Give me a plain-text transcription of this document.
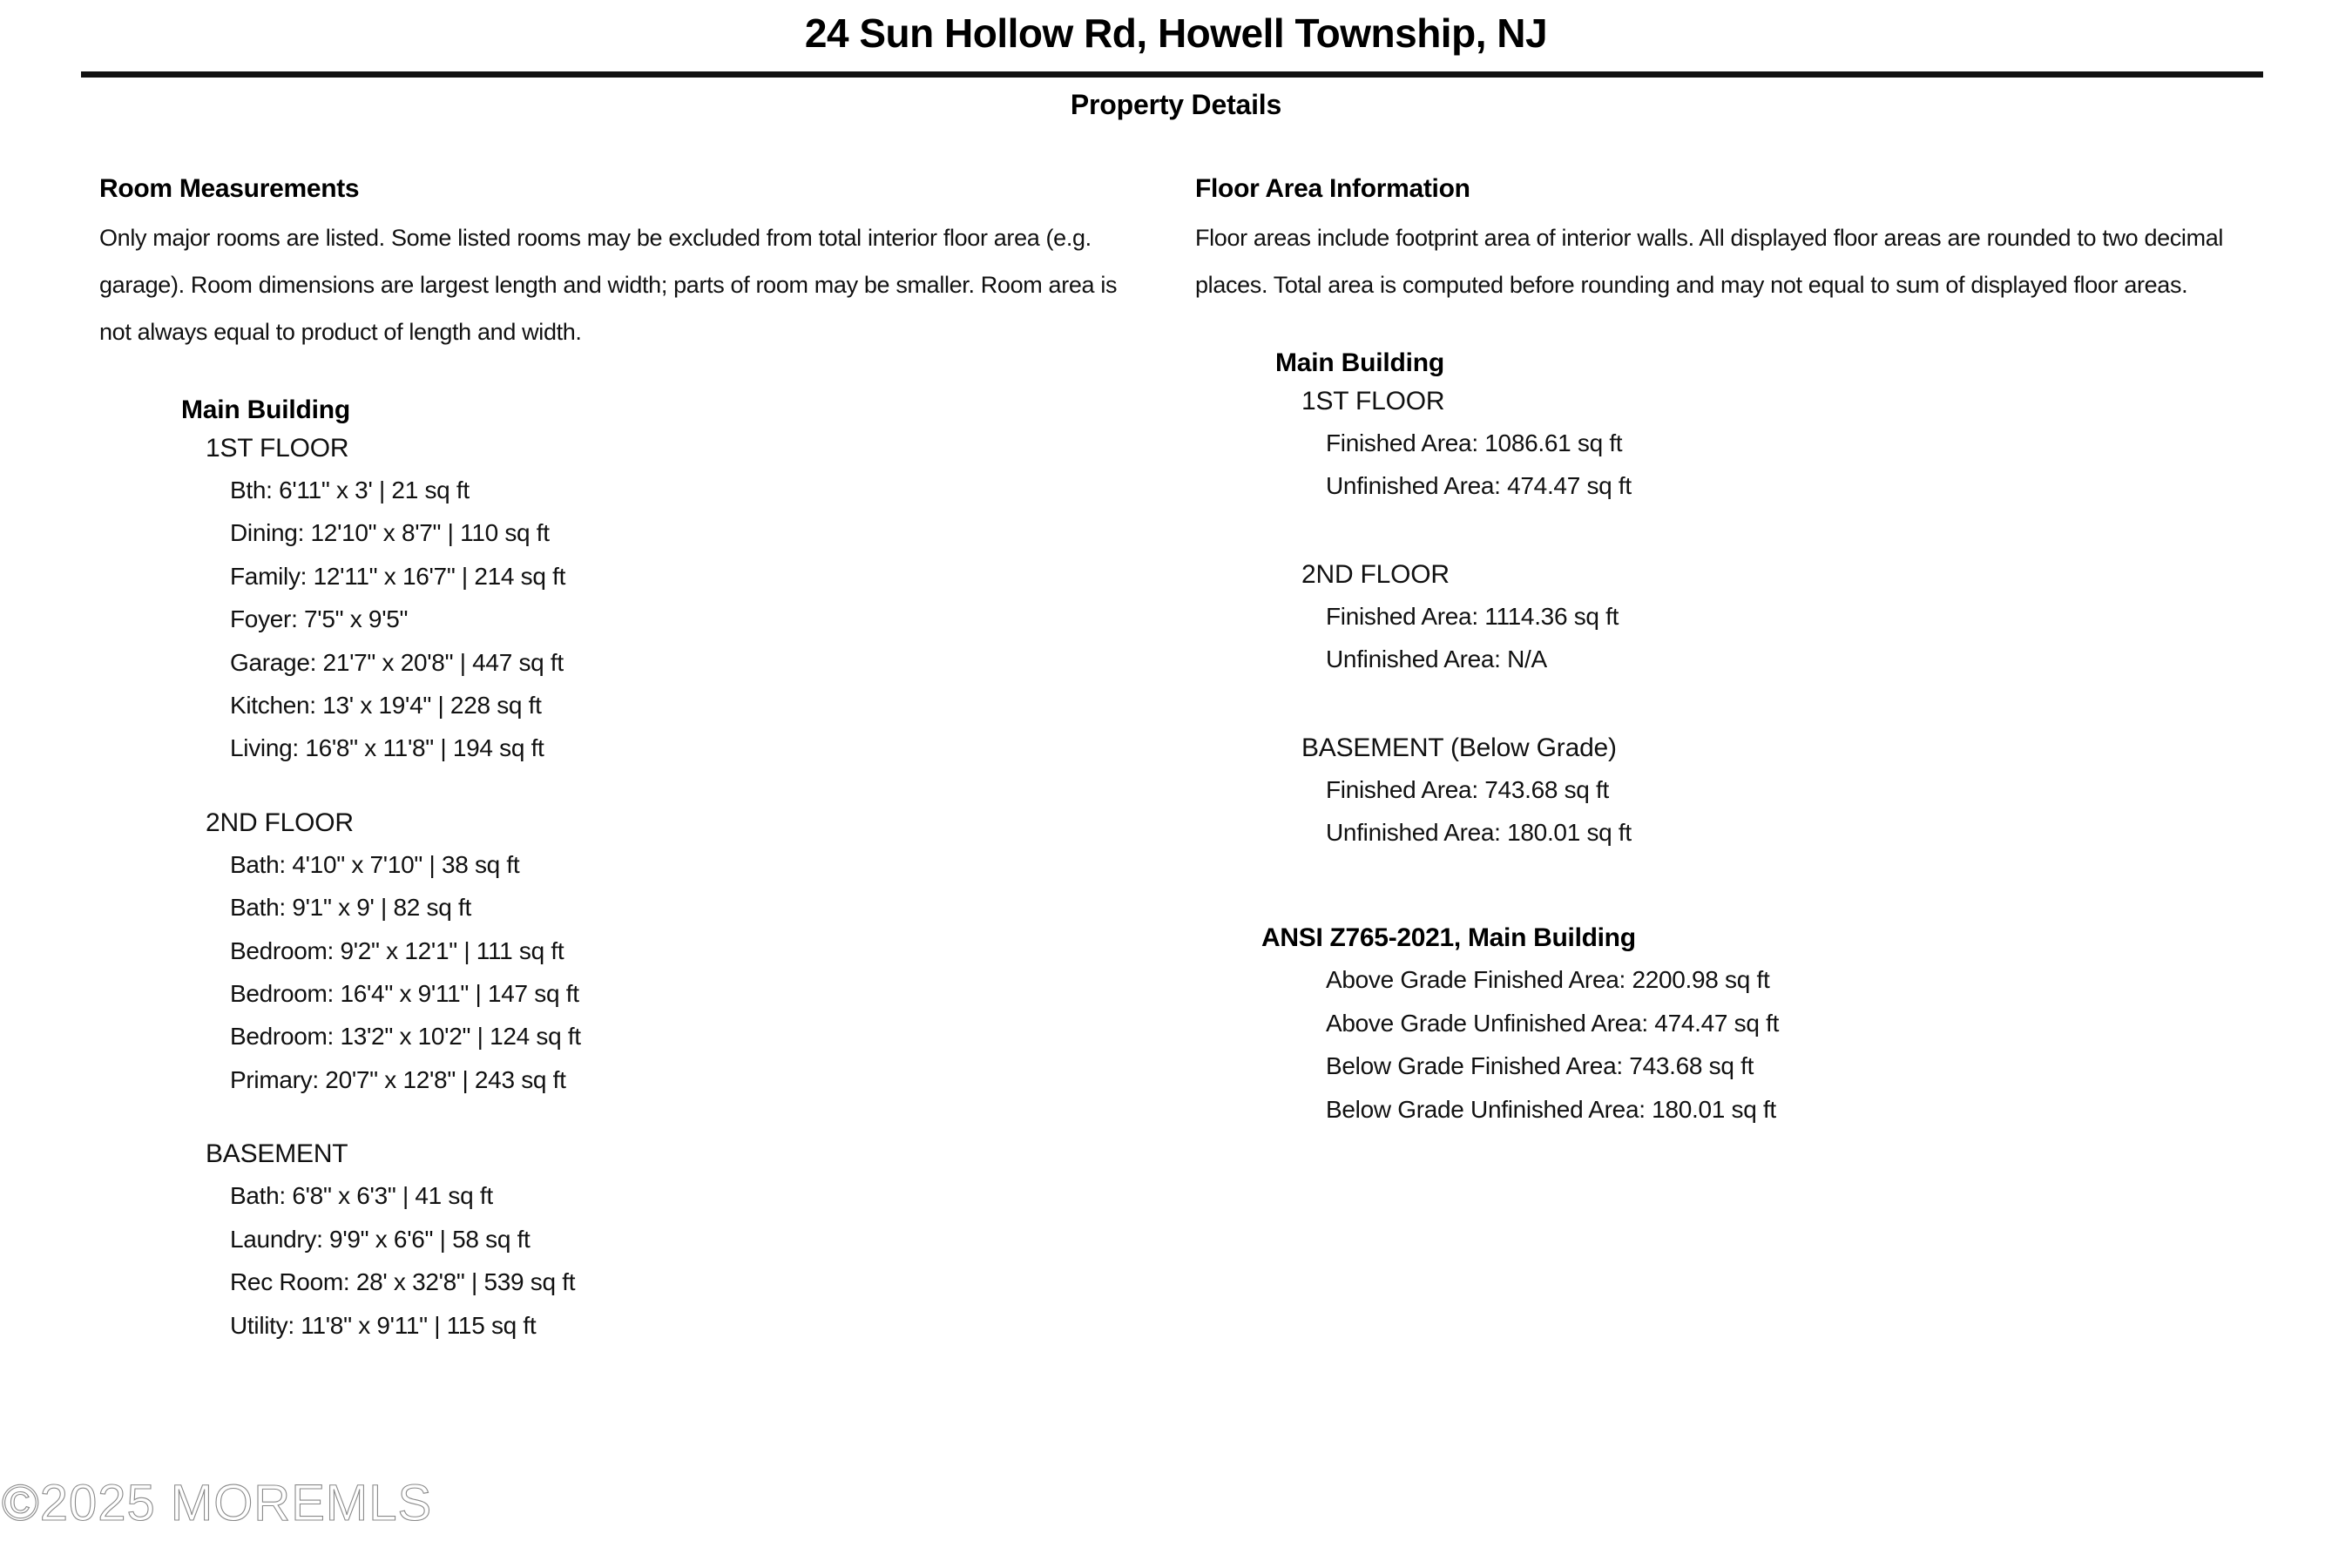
24 Sun Hollow Rd, Howell Township, NJ
Property Details
Room Measurements

Only major rooms are listed. Some listed rooms may be excluded from total interior floor area (e.g. garage). Room dimensions are largest length and width; parts of room may be smaller. Room area is not always equal to product of length and width.

Main Building
1ST FLOOR
Bth: 6'11" x 3' | 21 sq ft
Dining: 12'10" x 8'7" | 110 sq ft
Family: 12'11" x 16'7" | 214 sq ft
Foyer: 7'5" x 9'5"
Garage: 21'7" x 20'8" | 447 sq ft
Kitchen: 13' x 19'4" | 228 sq ft
Living: 16'8" x 11'8" | 194 sq ft
2ND FLOOR
Bath: 4'10" x 7'10" | 38 sq ft
Bath: 9'1" x 9' | 82 sq ft
Bedroom: 9'2" x 12'1" | 111 sq ft
Bedroom: 16'4" x 9'11" | 147 sq ft
Bedroom: 13'2" x 10'2" | 124 sq ft
Primary: 20'7" x 12'8" | 243 sq ft
BASEMENT
Bath: 6'8" x 6'3" | 41 sq ft
Laundry: 9'9" x 6'6" | 58 sq ft
Rec Room: 28' x 32'8" | 539 sq ft
Utility: 11'8" x 9'11" | 115 sq ft
Floor Area Information

Floor areas include footprint area of interior walls. All displayed floor areas are rounded to two decimal places. Total area is computed before rounding and may not equal to sum of displayed floor areas.

Main Building
1ST FLOOR
Finished Area: 1086.61 sq ft
Unfinished Area: 474.47 sq ft
2ND FLOOR
Finished Area: 1114.36 sq ft
Unfinished Area: N/A
BASEMENT (Below Grade)
Finished Area: 743.68 sq ft
Unfinished Area: 180.01 sq ft
ANSI Z765-2021, Main Building
Above Grade Finished Area: 2200.98 sq ft
Above Grade Unfinished Area: 474.47 sq ft
Below Grade Finished Area: 743.68 sq ft
Below Grade Unfinished Area: 180.01 sq ft
©2025 MOREMLS
